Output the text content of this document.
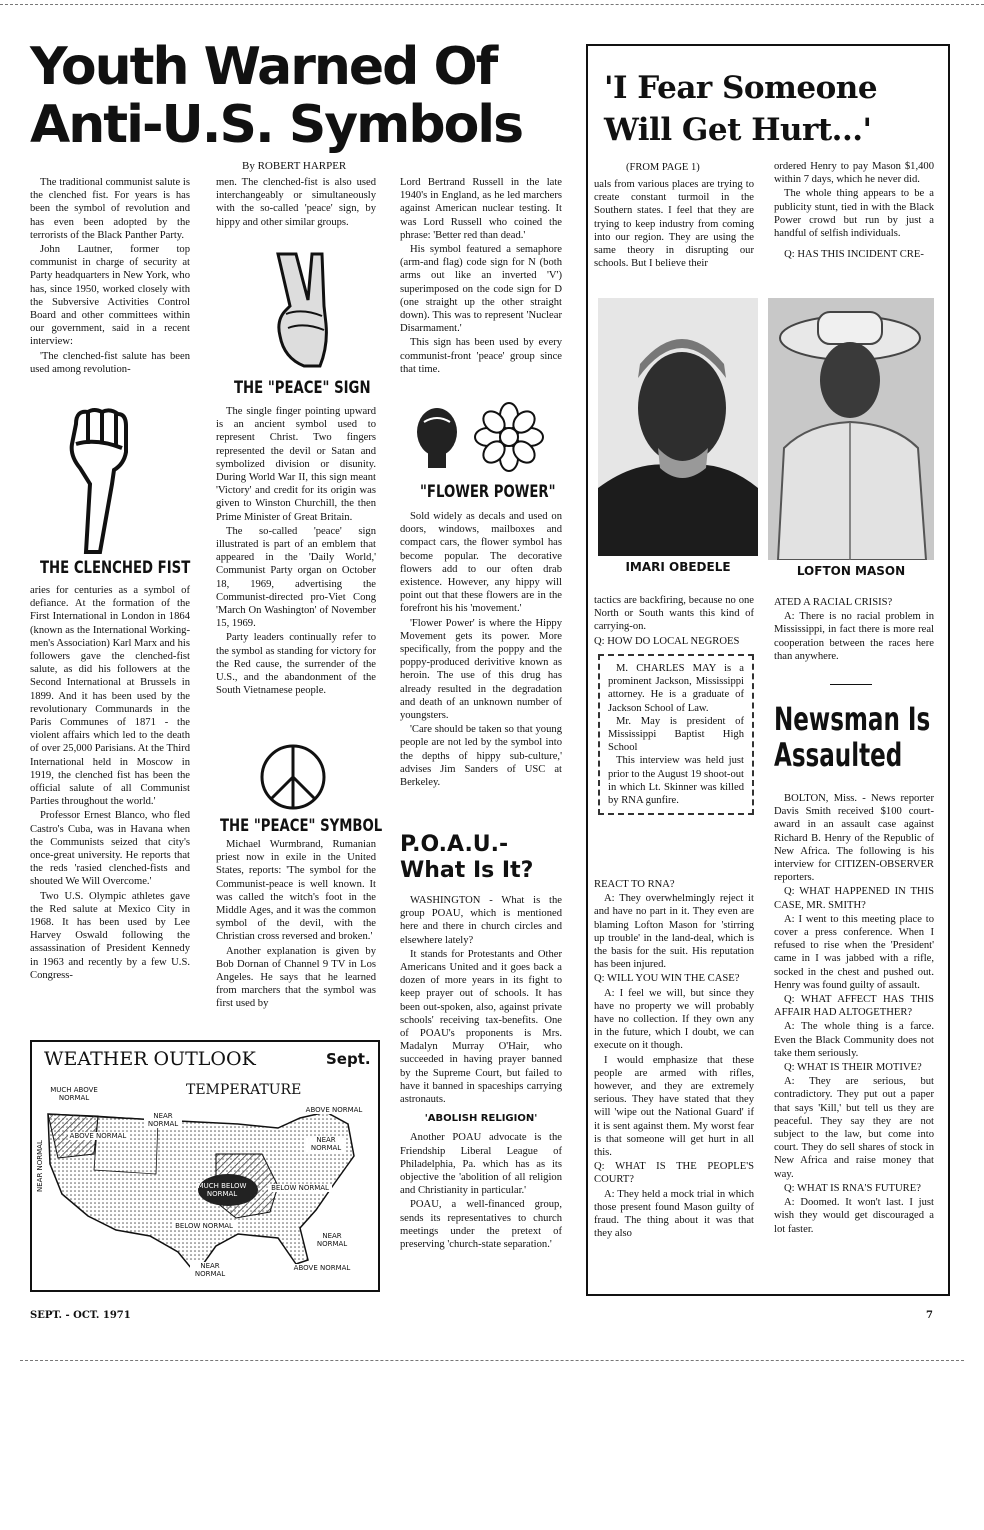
Youth Warned Of
Anti-U.S. Symbols

The traditional communist salute is the clenched fist. For years is has been the symbol of revolution and has even been adopted by the terrorists of the Black Panther Party.

John Lautner, former top communist in charge of security at Party headquarters in New York, who has, since 1950, worked closely with the Subversive Activities Control Board and other committees within our government, said in a recent interview:

'The clenched-fist salute has been used among revolution-

THE CLENCHED FIST

aries for centuries as a symbol of defiance. At the formation of the First International in London in 1864 (known as the International Working-men's Association) Karl Marx and his followers gave the clenched-fist salute, as did his followers at the Second International at Brussels in 1899. And it has been used by the revolutionary Communards in the Paris Communes of 1871 - the violent affairs which led to the death of over 25,000 Parisians. At the Third International held in Moscow in 1919, the clenched fist has been the official salute of all Communist Parties throughout the world.'

Professor Ernest Blanco, who fled Castro's Cuba, was in Havana when the Communists seized that city's once-great university. He reports that the reds 'rasied clenched-fists and shouted We Will Overcome.'

Two U.S. Olympic athletes gave the Red salute at Mexico City in 1968. It has been used by Lee Harvey Oswald following the assassination of President Kennedy in 1963 and recently by a few U.S. Congress-

By ROBERT HARPER

men. The clenched-fist is also used interchangeably or simultaneously with the so-called 'peace' sign, by hippy and other similar groups.

THE "PEACE" SIGN

The single finger pointing upward is an ancient symbol used to represent Christ. Two fingers represented the devil or Satan and symbolized division or disunity. During World War II, this sign meant 'Victory' and credit for its origin was given to Winston Churchill, the then Prime Minister of Great Britain.

The so-called 'peace' sign illustrated is part of an emblem that appeared in the 'Daily World,' Communist Party organ on October 18, 1969, advertising the Communist-directed pro-Viet Cong 'March On Washington' of November 15, 1969.

Party leaders continually refer to the symbol as standing for victory for the Red cause, the surrender of the U.S., and the abandonment of the South Vietnamese people.

THE "PEACE" SYMBOL

Michael Wurmbrand, Rumanian priest now in exile in the United States, reports: 'The symbol for the Communist-peace is well known. It was called the witch's foot in the Middle Ages, and it was the common symbol of the devil, with the Christian cross reversed and broken.'

Another explanation is given by Bob Dornan of Channel 9 TV in Los Angeles. He says that he learned from marchers that the symbol was first used by

Lord Bertrand Russell in the late 1940's in England, as he led marchers against American nuclear testing. It was Lord Russell who coined the phrase: 'Better red than dead.'

His symbol featured a semaphore (arm-and flag) code sign for N (both arms out like an inverted 'V') superimposed on the code sign for D (one straight up the other straight down). This was to represent 'Nuclear Disarmament.'

This sign has been used by every communist-front 'peace' group since that time.

"FLOWER POWER"

Sold widely as decals and used on doors, windows, mailboxes and compact cars, the flower symbol has become popular. The decorative flowers add to our often drab existence. However, any hippy will point out that these flowers are in the forefront his his 'movement.'

'Flower Power' is where the Hippy Movement gets its power. More specifically, from the poppy and the poppy-produced derivitive known as heroin. The use of this drug has already resulted in the degradation and death of an unknown number of youngsters.

'Care should be taken so that young people are not led by the symbol into the depths of hippy sub-culture,' advises Jim Sanders of USC at Berkeley.

P.O.A.U.-
What Is It?

WASHINGTON - What is the group POAU, which is mentioned here and there in church circles and elsewhere lately?

It stands for Protestants and Other Americans United and it goes back a dozen of more years in its fight to keep prayer out of schools. It has been out-spoken, also, against private schools' receiving tax-benefits. One of POAU's proponents is Mrs. Madalyn Murray O'Hair, who succeeded in having prayer banned by the Supreme Court, but failed to have it banned in spaceships carrying astronauts.

'ABOLISH RELIGION'

Another POAU advocate is the Friendship Liberal League of Philadelphia, Pa. which has as its objective the 'abolition of all religion and Christianity in particular.'

POAU, a well-financed group, sends its representatives to church meetings under the pretext of preserving 'church-state separation.'

WEATHER OUTLOOK	Sept.
TEMPERATURE
MUCH ABOVE NORMAL
NEAR NORMAL
ABOVE NORMAL
ABOVE NORMAL
NEAR NORMAL
NEAR NORMAL	MUCH BELOW NORMAL
BELOW NORMAL
BELOW NORMAL
NEAR NORMAL
NEAR NORMAL
ABOVE NORMAL
'I Fear Someone
Will Get Hurt...'
(FROM PAGE 1)

uals from various places are trying to create constant turmoil in the Southern states. I feel that they are trying to keep industry from coming into our region. They are using the same theory in disrupting our schools. But I believe their

ordered Henry to pay Mason $1,400 within 7 days, which he never did.

The whole thing appears to be a publicity stunt, tied in with the Black Power crowd but run by just a handful of selfish individuals.

Q: HAS THIS INCIDENT CRE-

IMARI OBEDELE	LOFTON MASON

tactics are backfiring, because no one North or South wants this kind of carrying-on.

Q: HOW DO LOCAL NEGROES

M. CHARLES MAY is a prominent Jackson, Mississippi attorney. He is a graduate of Jackson School of Law.

Mr. May is president of Mississippi Baptist High School

This interview was held just prior to the August 19 shoot-out in which Lt. Skinner was killed by RNA gunfire.

REACT TO RNA?

A: They overwhelmingly reject it and have no part in it. They even are blaming Lofton Mason for 'stirring up trouble' in the land-deal, which is the basis for the suit. His reputation has been injured.

Q: WILL YOU WIN THE CASE?

A: I feel we will, but since they have no property we will probably have no collection. If they own any in the future, which I doubt, we can execute on it though.

I would emphasize that these people are armed with rifles, however, and they are extremely serious. They have stated that they will 'wipe out the National Guard' if it is sent against them. My worst fear is that someone will get hurt in all this.

Q: WHAT IS THE PEOPLE'S COURT?

A: They held a mock trial in which those present found Mason guilty of fraud. The thing about it was that they also

ATED A RACIAL CRISIS?

A: There is no racial problem in Mississippi, in fact there is more real cooperation between the races here than anywhere.

Newsman Is
Assaulted

BOLTON, Miss. - News reporter Davis Smith received $100 court-award in an assault case against Richard B. Henry of the Republic of New Africa. The following is his interview for CITIZEN-OBSERVER reporters.

Q: WHAT HAPPENED IN THIS CASE, MR. SMITH?

A: I went to this meeting place to cover a press conference. When I refused to rise when the 'President' came in I was jabbed with a rifle, socked in the chest and pushed out. Henry was found guilty of assault.

Q: WHAT AFFECT HAS THIS AFFAIR HAD ALTOGETHER?

A: The whole thing is a farce. Even the Black Community does not take them seriously.

Q: WHAT IS THEIR MOTIVE?

A: They are serious, but contradictory. They put out a paper that says 'Kill,' but tell us they are peaceful. They say they are not subject to the law, but come into court. They do sell shares of stock in New Africa and raise money that way.

Q: WHAT IS RNA'S FUTURE?

A: Doomed. It won't last. I just wish they would get discouraged a lot faster.

SEPT. - OCT. 1971	7
